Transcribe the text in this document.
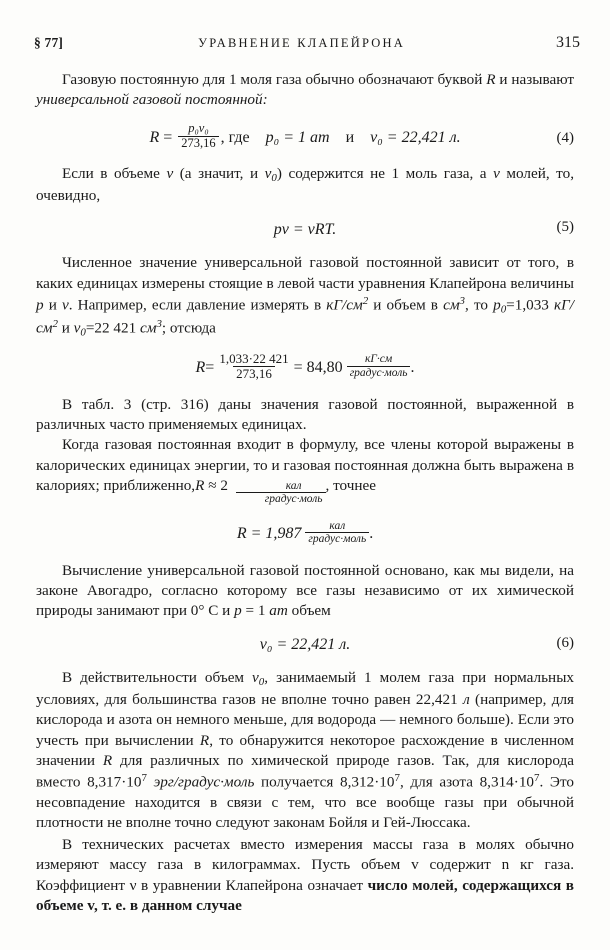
§ 77]	УРАВНЕНИЕ КЛАПЕЙРОНА	315

Газовую постоянную для 1 моля газа обычно обозначают буквой R и называют универсальной газовой постоянной:

$R = \frac{\text{p₀v₀}}{273,16}$ , где p₀ = 1 ат и v₀ = 22,421 л.	(4)

Если в объеме v (а значит, и $v_0$) содержится не 1 моль газа, а ν молей, то, очевидно,

pv = νRT.	(5)

Численное значение универсальной газовой постоянной зависит от того, в каких единицах измерены стоящие в левой части уравнения Клапейрона величины p и v. Например, если давление измерять в $кГ/см^2$ и объем в $см^3$, то $p_0=1,033$ $кГ/см^2$ и $v_0=22$ 421 $см^3$; отсюда

$R = \frac{1,033\cdot 22 421}{273,16} = 84,80 \frac{кГ\cdot см}{\text{градус·моль}}$ .

В табл. 3 (стр. 316) даны значения газовой постоянной, выраженной в различных часто применяемых единицах.

Когда газовая постоянная входит в формулу, все члены которой выражены в калорических единицах энергии, то и газовая постоянная должна быть выражена в калориях; приближенно,R ≈ $2 \frac{\text{кал}}{\text{градус·моль}}$ , точнее

$R = 1,987 \frac{\text{кал}}{\text{градус·моль}}$ .

Вычисление универсальной газовой постоянной основано, как мы видели, на законе Авогадро, согласно которому все газы независимо от их химической природы занимают при 0° С и p = 1 ат объем

v₀ = 22,421 л.	(6)

В действительности объем $v_0$, занимаемый 1 молем газа при нормальных условиях, для большинства газов не вполне точно равен 22,421 л (например, для кислорода и азота он немного меньше, для водорода — немного больше). Если это учесть при вычислении R, то обнаружится некоторое расхождение в численном значении R для различных по химической природе газов. Так, для кислорода вместо $8,317\cdot 10^7$ эрг/градус·моль получается $8,312\cdot 10^7$, для азота $8,314\cdot 10^7$. Это несовпадение находится в связи с тем, что все вообще газы при обычной плотности не вполне точно следуют законам Бойля и Гей-Люссака.

В технических расчетах вместо измерения массы газа в молях обычно измеряют массу газа в килограммах. Пусть объем v содержит n кг газа. Коэффициент ν в уравнении Клапейрона означает число молей, содержащихся в объеме v, т. е. в данном случае
